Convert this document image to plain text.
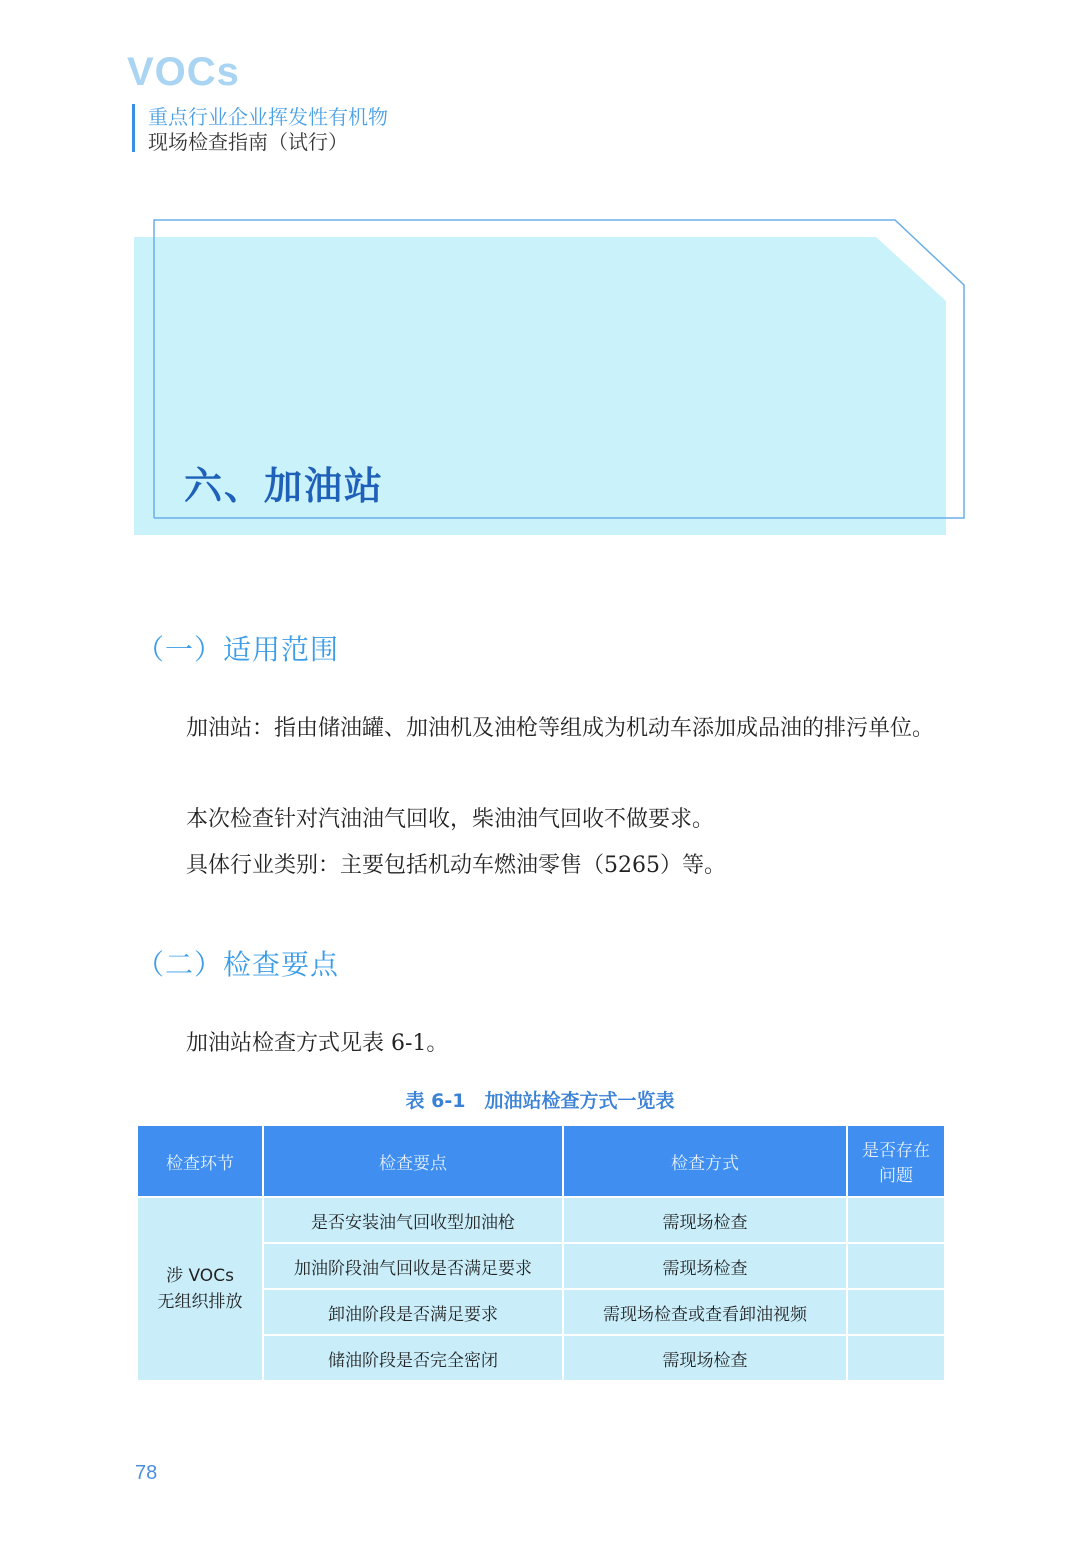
VOCs
重点行业企业挥发性有机物
现场检查指南（试行）
六、加油站
（一）适用范围

加油站：指由储油罐、加油机及油枪等组成为机动车添加成品油的排污单位。

本次检查针对汽油油气回收，柴油油气回收不做要求。

具体行业类别：主要包括机动车燃油零售（5265）等。

（二）检查要点

加油站检查方式见表 6-1。

表 6-1　加油站检查方式一览表
检查环节	检查要点	检查方式	是否存在问题
涉 VOCs
无组织排放	是否安装油气回收型加油枪	需现场检查	
	加油阶段油气回收是否满足要求	需现场检查	
	卸油阶段是否满足要求	需现场检查或查看卸油视频	
	储油阶段是否完全密闭	需现场检查	
78
